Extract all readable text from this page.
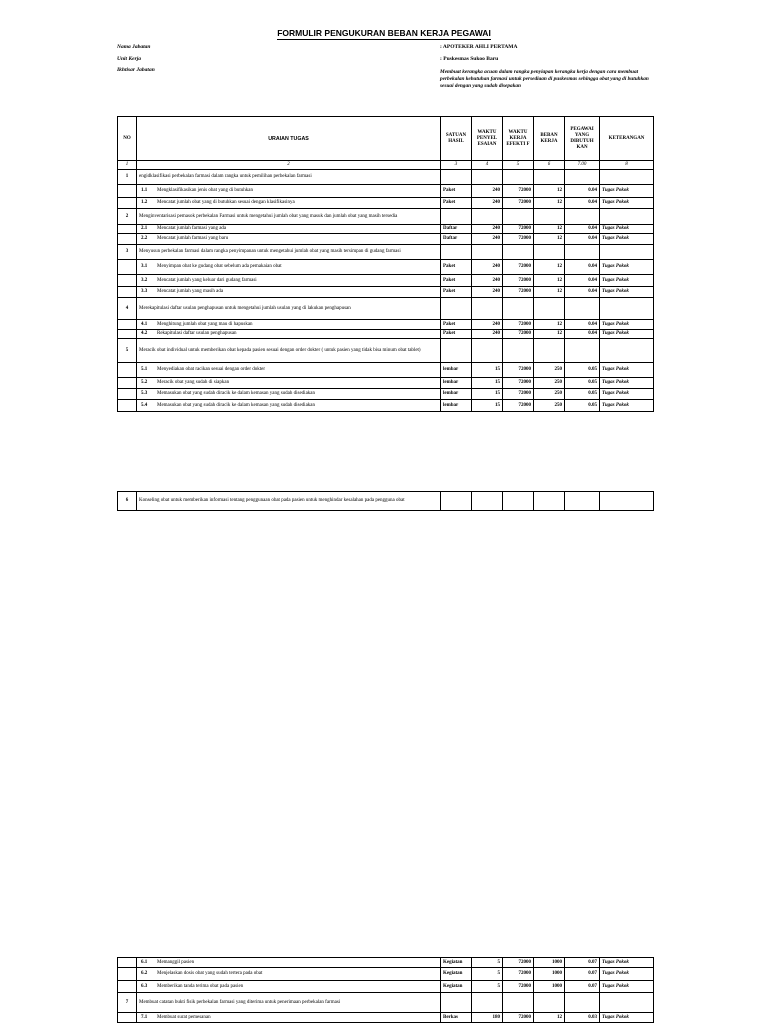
FORMULIR PENGUKURAN BEBAN KERJA PEGAWAI
Nama Jabatan	: APOTEKER AHLI PERTAMA
Unit Kerja	: Puskesmas Sukoo Baru
Ikhtisar Jabatan	Membuat kerangka acuan dalam rangka penyiapan kerangka kerja dengan cara membuat perbekalan kebutuhan farmasi untuk persediaan di puskesmas sehingga obat yang di butuhkan sesuai dengan yang sudah disepakan
NO	URAIAN TUGAS	SATUAN HASIL	WAKTU PENYEL ESAIAN	WAKTU KERJA EFEKTI F	BEBAN KERJA	PEGAWAI YANG DIBUTUH KAN	KETERANGAN
1	2	3	4	5	6	7.00	8
1	engidklasifikasi perbekalan farmasi dalam rangka untuk pemilihan perbekalan farmasi						
	1.1 Mengklasifikasikan jenis obat yang di butuhkan	Paket	240	72000	12	0.04	Tugas Pokok
	1.2 Mencatat jumlah obat yang di butuhkan sesuai dengan klasifikasinya	Paket	240	72000	12	0.04	Tugas Pokok
2	Menginventarisasi pemasok perbekalan Farmasi untuk mengetahui jumlah obat yang masuk dan jumlah obat yang masih tersedia						
	2.1 Mencatat jumlah farmasi yang ada	Daftar	240	72000	12	0.04	Tugas Pokok
	2.2 Mencatat jumlah farmasi yang baru	Daftar	240	72000	12	0.04	Tugas Pokok
3	Menyusun perbekalan farmasi dalam rangka penyimpanan untuk mengetahui jumlah obat yang masih tersimpan di gudang farmasi						
	3.1 Menyimpan obat ke gudang obat sebelum ada pemakaian obat	Paket	240	72000	12	0.04	Tugas Pokok
	3.2 Mencatat jumlah yang keluar dari gudang farmasi	Paket	240	72000	12	0.04	Tugas Pokok
	3.3 Mencatat jumlah yang masih ada	Paket	240	72000	12	0.04	Tugas Pokok
4	Merekapitulasi daftar usulan penghapusan untuk mengetahui jumlah usulan yang di lakukan penghapusan						
	4.1 Menghitung jumlah obat yang mau di hapuskan	Paket	240	72000	12	0.04	Tugas Pokok
	4.2 Rekapitulasi daftar usulan penghapusan	Paket	240	72000	12	0.04	Tugas Pokok
5	Meracik obat individual untuk memberikan obat kepada pasien sesuai dengan order dokter ( untuk pasien yang tidak bisa minum obat tablet)						
	5.1 Menyediakan obat racikan sesuai dengan order dokter	lembar	15	72000	250	0.05	Tugas Pokok
	5.2 Meracik obat yang sudah di siapkan	lembar	15	72000	250	0.05	Tugas Pokok
	5.3 Memasukan obat yang sudah diracik ke dalam kemasan yang sudah disediakan	lembar	15	72000	250	0.05	Tugas Pokok
	5.4 Memasukan obat yang sudah diracik ke dalam kemasan yang sudah disediakan	lembar	15	72000	250	0.05	Tugas Pokok
6	Konseling obat untuk memberikan informasi tentang penggunaan obat pada pasien untuk menghindar kesalahan pada pengguna obat						
	6.1 Memanggil pasien	Kegiatan	5	72000	1000	0.07	Tugas Pokok
	6.2 Menjelaskan dosis obat yang sudah tertera pada obat	Kegiatan	5	72000	1000	0.07	Tugas Pokok
	6.3 Memberikan tanda terima obat pada pasien	Kegiatan	5	72000	1000	0.07	Tugas Pokok
7	Membuat catatan bukti fisik perbekalan farmasi yang diterima untuk penerimaan perbekalan farmasi						
	7.1 Membuat surat pemesanan	Berkas	180	72000	12	0.03	Tugas Pokok
